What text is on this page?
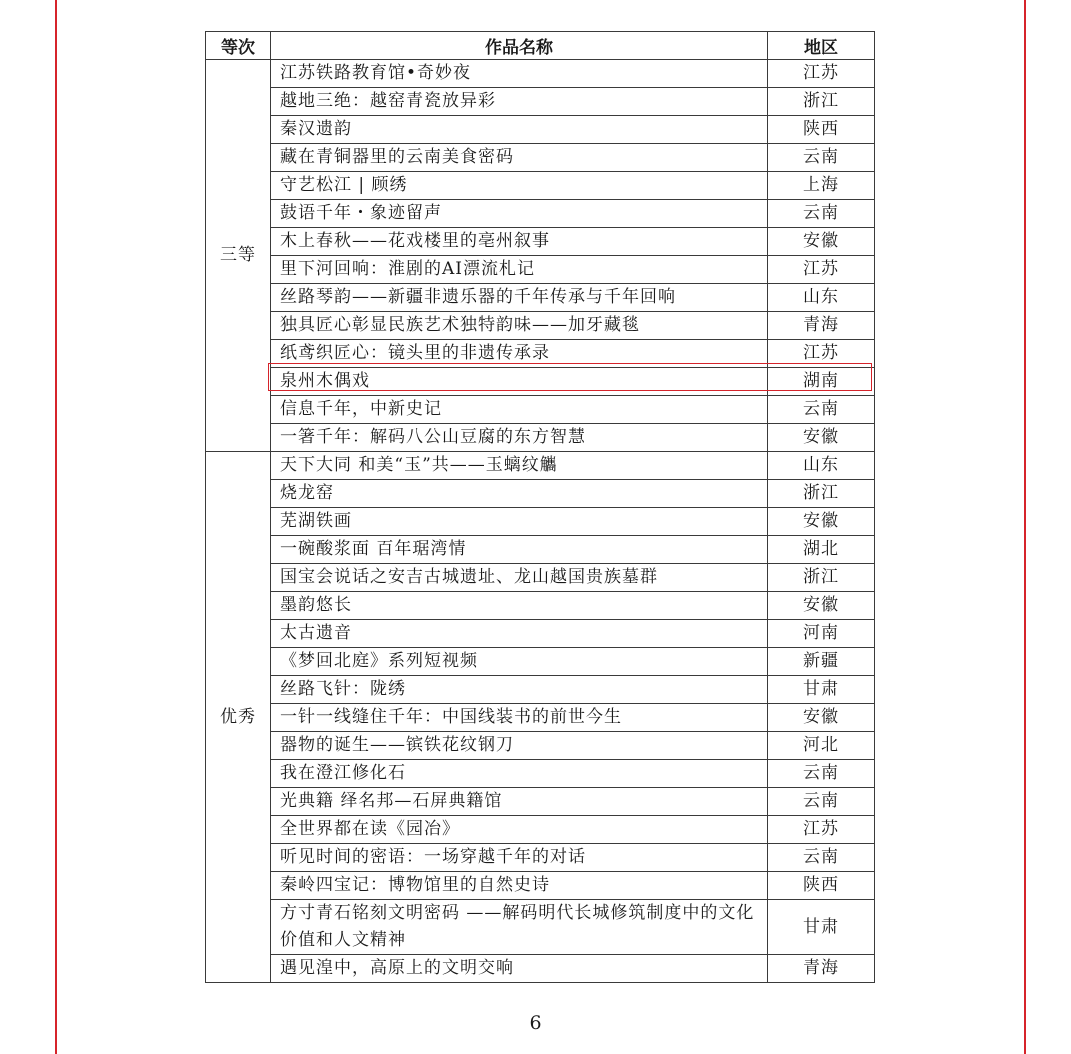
等次	作品名称	地区
三等	江苏铁路教育馆•奇妙夜	江苏
	越地三绝：越窑青瓷放异彩	浙江
	秦汉遗韵	陕西
	藏在青铜器里的云南美食密码	云南
	守艺松江 | 顾绣	上海
	鼓语千年・象迹留声	云南
	木上春秋——花戏楼里的亳州叙事	安徽
	里下河回响：淮剧的AI漂流札记	江苏
	丝路琴韵——新疆非遗乐器的千年传承与千年回响	山东
	独具匠心彰显民族艺术独特韵味——加牙藏毯	青海
	纸鸢织匠心：镜头里的非遗传承录	江苏
	泉州木偶戏	湖南
	信息千年，中新史记	云南
	一箸千年：解码八公山豆腐的东方智慧	安徽
优秀	天下大同 和美“玉”共——玉螭纹觿	山东
	烧龙窑	浙江
	芜湖铁画	安徽
	一碗酸浆面 百年琚湾情	湖北
	国宝会说话之安吉古城遗址、龙山越国贵族墓群	浙江
	墨韵悠长	安徽
	太古遗音	河南
	《梦回北庭》系列短视频	新疆
	丝路飞针：陇绣	甘肃
	一针一线缝住千年：中国线装书的前世今生	安徽
	器物的诞生——镔铁花纹钢刀	河北
	我在澄江修化石	云南
	光典籍 绎名邦—石屏典籍馆	云南
	全世界都在读《园冶》	江苏
	听见时间的密语：一场穿越千年的对话	云南
	秦岭四宝记：博物馆里的自然史诗	陕西
	方寸青石铭刻文明密码 ——解码明代长城修筑制度中的文化价值和人文精神	甘肃
	遇见湟中，高原上的文明交响	青海
6
